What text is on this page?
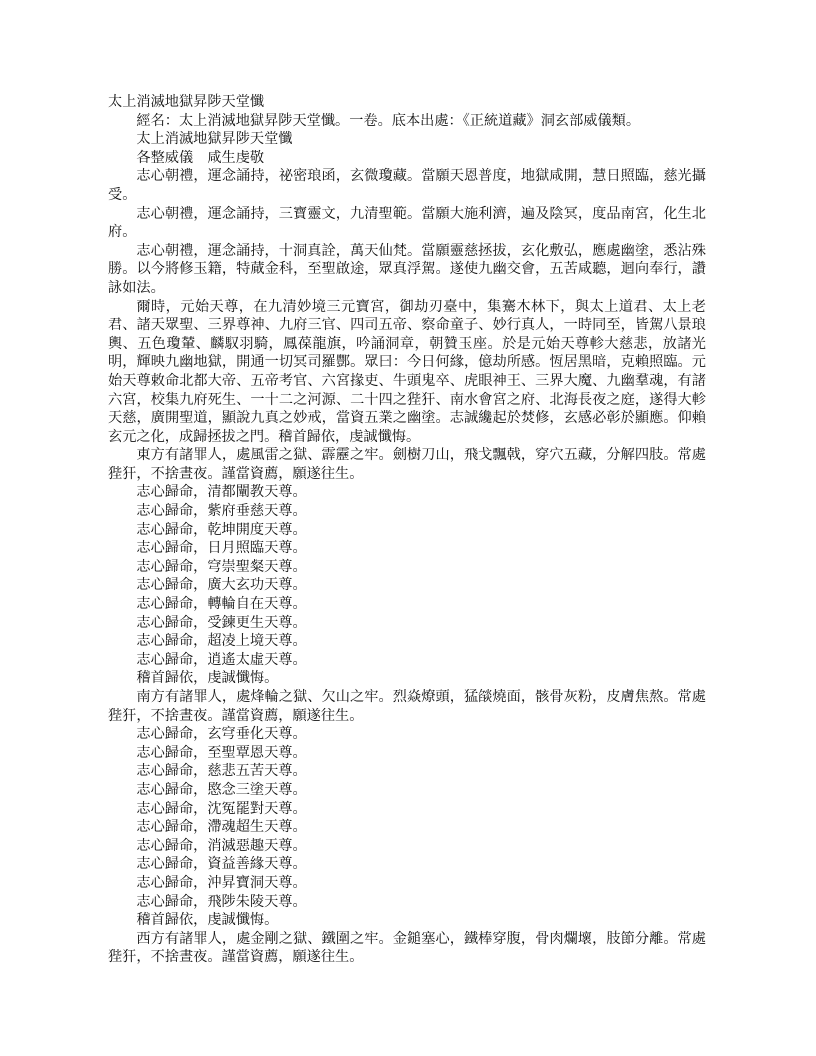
太上消滅地獄昇陟天堂懺

經名：太上消滅地獄昇陟天堂懺。一卷。底本出處：《正統道藏》洞玄部威儀類。

太上消滅地獄昇陟天堂懺

各整威儀　咸生虔敬

志心朝禮，運念誦持，祕密琅函，玄微瓊藏。當願天恩普度，地獄咸開，慧日照臨，慈光攝受。

志心朝禮，運念誦持，三寶靈文，九清聖範。當願大施利濟，遍及陰冥，度品南宮，化生北府。

志心朝禮，運念誦持，十洞真詮，萬天仙梵。當願靈慈拯拔，玄化敷弘，應處幽塗，悉沾殊勝。以今將修玉籍，特蕆金科，至聖啟途，眾真浮駕。遂使九幽交會，五苦咸聽，迴向奉行，讚詠如法。

爾時，元始天尊，在九清妙境三元寶宮，御劫刃臺中，集騫木林下，與太上道君、太上老君、諸天眾聖、三界尊神、九府三官、四司五帝、察命童子、妙行真人，一時同至，皆駕八景琅輿、五色瓊輦、麟馭羽騎，鳳葆龍旗，吟誦洞章，朝贊玉座。於是元始天尊軫大慈悲，放諸光明，輝映九幽地獄，開通一切冥司羅酆。眾曰：今日何緣，億劫所感。恆居黑暗，克賴照臨。元始天尊敕命北都大帝、五帝考官、六宮掾吏、牛頭鬼卒、虎眼神王、三界大魔、九幽羣魂，有諸六宮，校集九府死生、一十二之河源、二十四之狴犴、南水會宮之府、北海長夜之庭，遂得大軫天慈，廣開聖道，顯說九真之妙戒，當資五業之幽塗。志誠纔起於焚修，玄感必彰於顯應。仰賴玄元之化，成歸拯拔之門。稽首歸依，虔誠懺悔。

東方有諸罪人，處風雷之獄、霹靂之牢。劍樹刀山，飛戈飄戟，穿穴五藏，分解四肢。常處狴犴，不捨晝夜。謹當資薦，願遂往生。

志心歸命，清都闡教天尊。

志心歸命，紫府垂慈天尊。

志心歸命，乾坤開度天尊。

志心歸命，日月照臨天尊。

志心歸命，穹崇聖粲天尊。

志心歸命，廣大玄功天尊。

志心歸命，轉輪自在天尊。

志心歸命，受鍊更生天尊。

志心歸命，超凌上境天尊。

志心歸命，逍遙太虛天尊。

稽首歸依，虔誠懺悔。

南方有諸罪人，處烽輪之獄、欠山之牢。烈焱燎頭，猛燄燒面，骸骨灰粉，皮膚焦熬。常處狴犴，不捨晝夜。謹當資薦，願遂往生。

志心歸命，玄穹垂化天尊。

志心歸命，至聖覃恩天尊。

志心歸命，慈悲五苦天尊。

志心歸命，愍念三塗天尊。

志心歸命，沈冤罷對天尊。

志心歸命，滯魂超生天尊。

志心歸命，消滅惡趣天尊。

志心歸命，資益善緣天尊。

志心歸命，沖昇寶洞天尊。

志心歸命，飛陟朱陵天尊。

稽首歸依，虔誠懺悔。

西方有諸罪人，處金剛之獄、鐵圍之牢。金鎚塞心，鐵棒穿腹，骨肉爛壞，肢節分離。常處狴犴，不捨晝夜。謹當資薦，願遂往生。
